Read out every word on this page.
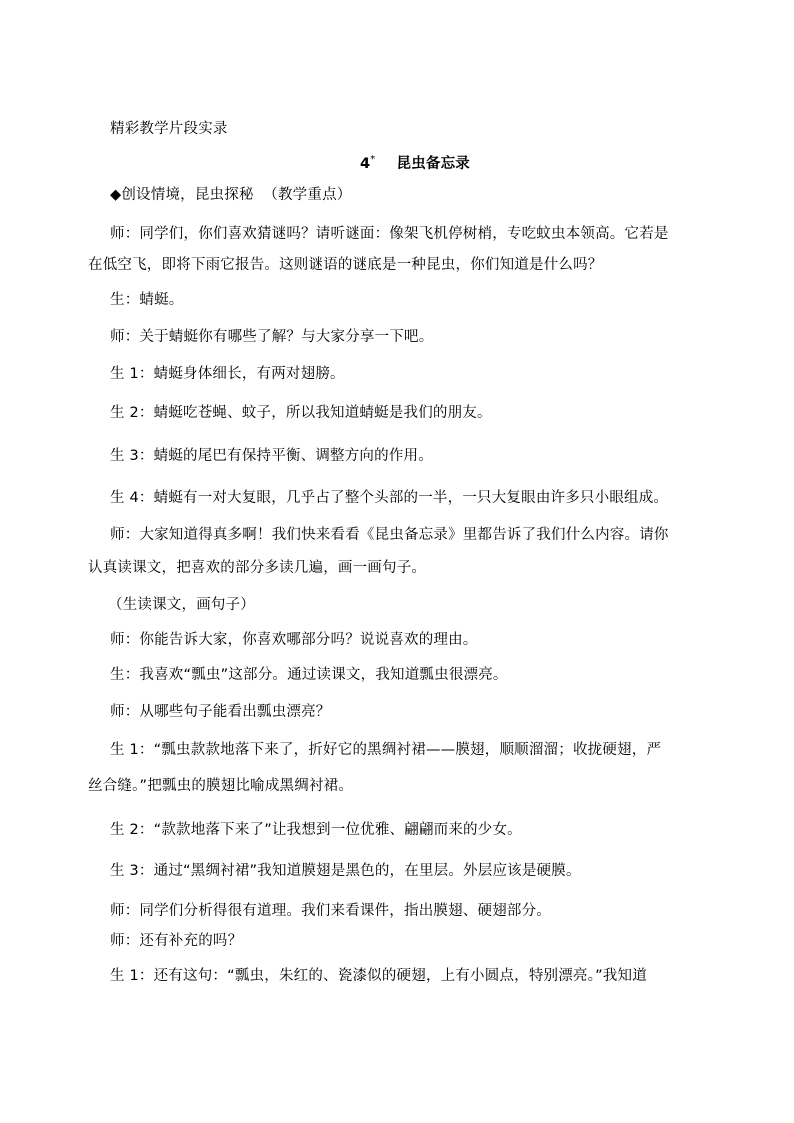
精彩教学片段实录
4* 昆虫备忘录
◆创设情境，昆虫探秘 （教学重点）
师：同学们，你们喜欢猜谜吗？请听谜面：像架飞机停树梢，专吃蚊虫本领高。它若是
在低空飞，即将下雨它报告。这则谜语的谜底是一种昆虫，你们知道是什么吗？
生：蜻蜓。
师：关于蜻蜓你有哪些了解？与大家分享一下吧。
生 1：蜻蜓身体细长，有两对翅膀。
生 2：蜻蜓吃苍蝇、蚊子，所以我知道蜻蜓是我们的朋友。
生 3：蜻蜓的尾巴有保持平衡、调整方向的作用。
生 4：蜻蜓有一对大复眼，几乎占了整个头部的一半，一只大复眼由许多只小眼组成。
师：大家知道得真多啊！我们快来看看《昆虫备忘录》里都告诉了我们什么内容。请你
认真读课文，把喜欢的部分多读几遍，画一画句子。
（生读课文，画句子）
师：你能告诉大家，你喜欢哪部分吗？说说喜欢的理由。
生：我喜欢“瓢虫”这部分。通过读课文，我知道瓢虫很漂亮。
师：从哪些句子能看出瓢虫漂亮？
生 1：“瓢虫款款地落下来了，折好它的黑绸衬裙——膜翅，顺顺溜溜；收拢硬翅，严
丝合缝。”把瓢虫的膜翅比喻成黑绸衬裙。
生 2：“款款地落下来了”让我想到一位优雅、翩翩而来的少女。
生 3：通过“黑绸衬裙”我知道膜翅是黑色的，在里层。外层应该是硬膜。
师：同学们分析得很有道理。我们来看课件，指出膜翅、硬翅部分。
师：还有补充的吗？
生 1：还有这句：“瓢虫，朱红的、瓷漆似的硬翅，上有小圆点，特别漂亮。”我知道
